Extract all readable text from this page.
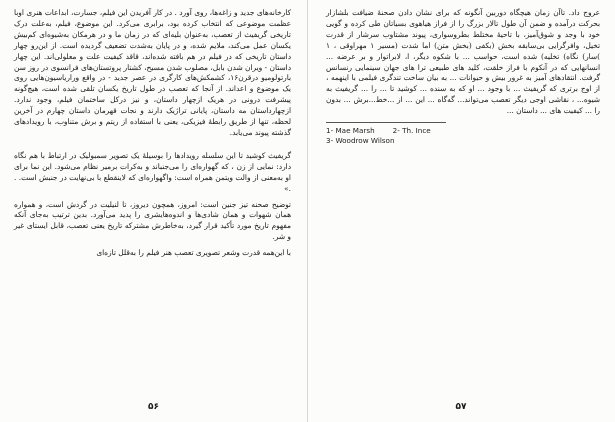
کارخانه‌های جدید و زاغه‌ها، روی آورد . در کار آفریدن این فیلم، جسارت، ابداعات هنری اوبا عظمت موضوعی که انتخاب کرده بود، برابری می‌کرد. این موضوع، فیلم، به‌علت درک تاریخی گریفیث از تعصب، به‌عنوان بلیه‌ای که در زمان ما و در هرمکان به‌شیوه‌ای کم‌بیش یکسان عمل می‌کند، ملایم شده، و در پایان به‌شدت تضعیف گردیده است. از این‌رو چهار داستان تاریخی که در فیلم در هم بافته شده‌اند، قاقد کیفیت علت و معلولی‌اند. این چهار داستان - ویران شدن بابل، مصلوب شدن مسیح، کشتار پروتستان‌های فرانسوی در روز سن بارتولومیو درقرن۱۶، کشمکش‌های کارگری در عصر جدید - در واقع وراریاسیون‌هایی روی یک موضوع و اعداند. از آنجا که تعصب در طول تاریخ یکسان تلقی شده است، هیچ‌گونه پیشرفت درونی در هریک ازچهار داستان، و نیز درکل ساختمان فیلم، وجود ندارد. ازچهارداستان مه داستان، پایانی تراژیک دارند و نجات قهرمان داستان چهارم در آخرین لحظه، تنها از طریق رابطهٔ فیزیکی، یعنی با استفاده از ریتم و برش متناوب، با رویدادهای گذشته پیوند می‌یابد.

گریفیث کوشید تا این سلسله رویدادها را بوسیلهٔ یک تصویر سمبولیک در ارتباط با هم نگاه دارد: نمایی از زن ، که گهواره‌ای را می‌جنباند و به‌کرات برمیر نظام می‌شود. این نما برای او به‌معنی از والت ویتمن همراه است: واگهواره‌ای که لاینقطع با بی‌نهایت در جنبش است. . .»

توضیح صحنه تیز جنین است: امروز، همچون دیروز، تا لنیلیت در گردش است، و همواره همان شهوات و همان شادی‌ها و اندوه‌هایشری را پدید می‌آورد. بدین ترتیب به‌جای آنکه مفهوم تاریخ مورد تأکید قرار گیرد، به‌خاطرش مشترکه تاریخ ‌یعنی تعصب، قابل ایستای غیر و شر.

با این‌همه قدرت وشعر تصویری تعصب هنر فیلم را به‌قلل تازه‌ای

۵۶

عروج داد. تاآن زمان هیچگاه دوربین آنگونه که برای نشان دادن صحنهٔ ضیافت بلشازار بحرکت درآمده و ضمن آن طول تالار بزرگ را از فراز هیاهوی بسیاتان طی کرده و گویی خود با وجد و شوق‌آمیز، با تاحیهٔ مختلط بطروسواری، پیوند مشتاوب سرشار از قدرت تخیل، وافرگرایی بی‌سابقه بخش (بکفی (بخش متن) اما شدت (مسیر ۱ مهراوقی ، ۱ )سار) نگاه) تخلیه) شده است، حواسب ... با شکوه دیگر، ا، لابراتوار و بر عرضه ... انسانهایی که در آنکوم با فراز خلقت، کلید های طبیعی ترا های جهان سینمایی رنسانس گرفت. انتقادهای آمیز به غرور بیش و حیوانات ... به بیان ساخت تندگری فیلمی با اینهمه ، از اوج برتری که گریفیث ... با وجود ... او که به سنده ... کوشید تا ... را ... گریفیث به شیوه... ، نقاشی اوجی دیگر تعصب می‌تواند... گه‌گاه ... این ... از ...خط...برش ... بدون را ... کیفیت های ... داستان ...

1- Mae Marsh	2- Th. Ince
3- Woodrow Wilson
۵۷
